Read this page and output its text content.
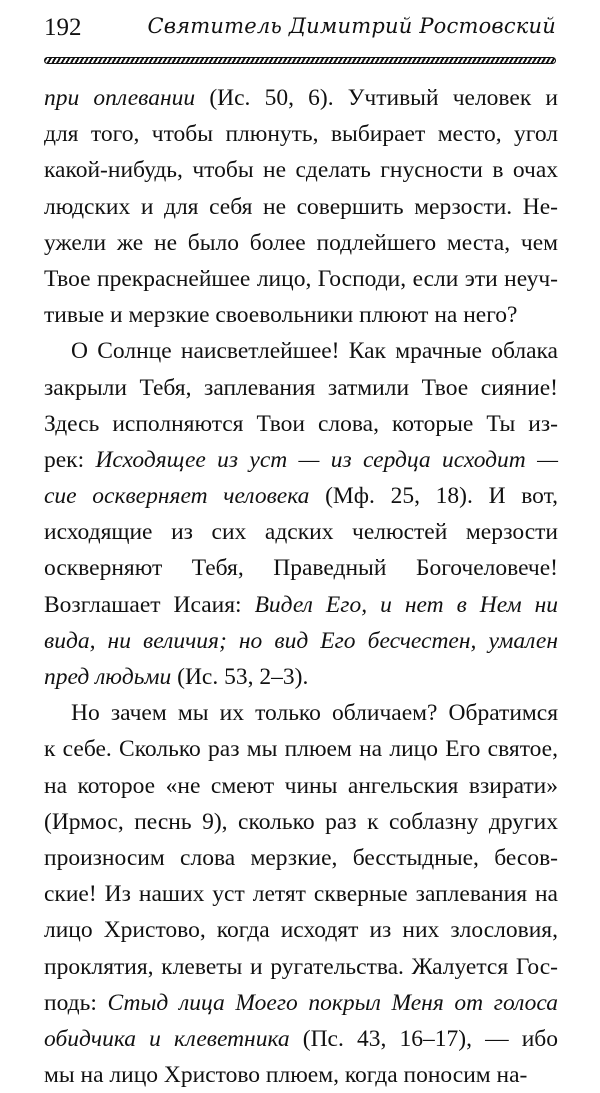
192	Святитель Димитрий Ростовский
при оплевании (Ис. 50, 6). Учтивый человек и
для того, чтобы плюнуть, выбирает место, угол
какой-нибудь, чтобы не сделать гнусности в очах
людских и для себя не совершить мерзости. Не-
ужели же не было более подлейшего места, чем
Твое прекраснейшее лицо, Господи, если эти неуч-
тивые и мерзкие своевольники плюют на него?
О Солнце наисветлейшее! Как мрачные облака
закрыли Тебя, заплевания затмили Твое сияние!
Здесь исполняются Твои слова, которые Ты из-
рек: Исходящее из уст — из сердца исходит —
сие оскверняет человека (Мф. 25, 18). И вот,
исходящие из сих адских челюстей мерзости
оскверняют Тебя, Праведный Богочеловече!
Возглашает Исаия: Видел Его, и нет в Нем ни
вида, ни величия; но вид Его бесчестен, умален
пред людьми (Ис. 53, 2–3).
Но зачем мы их только обличаем? Обратимся
к себе. Сколько раз мы плюем на лицо Его святое,
на которое «не смеют чины ангельския взирати»
(Ирмос, песнь 9), сколько раз к соблазну других
произносим слова мерзкие, бесстыдные, бесов-
ские! Из наших уст летят скверные заплевания на
лицо Христово, когда исходят из них злословия,
проклятия, клеветы и ругательства. Жалуется Гос-
подь: Стыд лица Моего покрыл Меня от голоса
обидчика и клеветника (Пс. 43, 16–17), — ибо
мы на лицо Христово плюем, когда поносим на-
